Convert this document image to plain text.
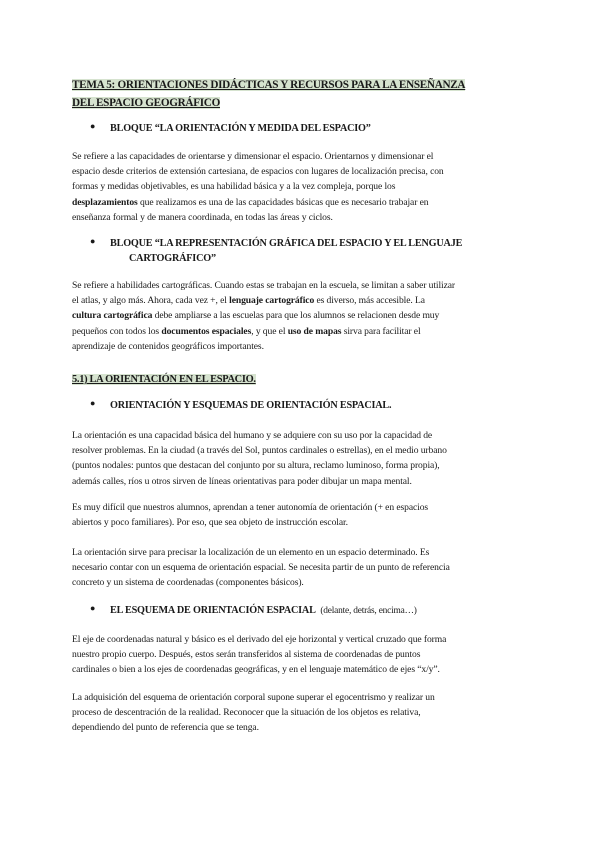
TEMA 5: ORIENTACIONES DIDÁCTICAS Y RECURSOS PARA LA ENSEÑANZA
DEL ESPACIO GEOGRÁFICO
● BLOQUE “LA ORIENTACIÓN Y MEDIDA DEL ESPACIO”
Se refiere a las capacidades de orientarse y dimensionar el espacio. Orientarnos y dimensionar el
espacio desde criterios de extensión cartesiana, de espacios con lugares de localización precisa, con
formas y medidas objetivables, es una habilidad básica y a la vez compleja, porque los
desplazamientos que realizamos es una de las capacidades básicas que es necesario trabajar en
enseñanza formal y de manera coordinada, en todas las áreas y ciclos.
● BLOQUE “LA REPRESENTACIÓN GRÁFICA DEL ESPACIO Y EL LENGUAJE
CARTOGRÁFICO”
Se refiere a habilidades cartográficas. Cuando estas se trabajan en la escuela, se limitan a saber utilizar
el atlas, y algo más. Ahora, cada vez +, el lenguaje cartográfico es diverso, más accesible. La
cultura cartográfica debe ampliarse a las escuelas para que los alumnos se relacionen desde muy
pequeños con todos los documentos espaciales, y que el uso de mapas sirva para facilitar el
aprendizaje de contenidos geográficos importantes.
5.1) LA ORIENTACIÓN EN EL ESPACIO.
● ORIENTACIÓN Y ESQUEMAS DE ORIENTACIÓN ESPACIAL.
La orientación es una capacidad básica del humano y se adquiere con su uso por la capacidad de
resolver problemas. En la ciudad (a través del Sol, puntos cardinales o estrellas), en el medio urbano
(puntos nodales: puntos que destacan del conjunto por su altura, reclamo luminoso, forma propia),
además calles, ríos u otros sirven de líneas orientativas para poder dibujar un mapa mental.
Es muy difícil que nuestros alumnos, aprendan a tener autonomía de orientación (+ en espacios
abiertos y poco familiares). Por eso, que sea objeto de instrucción escolar.
La orientación sirve para precisar la localización de un elemento en un espacio determinado. Es
necesario contar con un esquema de orientación espacial. Se necesita partir de un punto de referencia
concreto y un sistema de coordenadas (componentes básicos).
● EL ESQUEMA DE ORIENTACIÓN ESPACIAL (delante, detrás, encima…)
El eje de coordenadas natural y básico es el derivado del eje horizontal y vertical cruzado que forma
nuestro propio cuerpo. Después, estos serán transferidos al sistema de coordenadas de puntos
cardinales o bien a los ejes de coordenadas geográficas, y en el lenguaje matemático de ejes “x/y”.
La adquisición del esquema de orientación corporal supone superar el egocentrismo y realizar un
proceso de descentración de la realidad. Reconocer que la situación de los objetos es relativa,
dependiendo del punto de referencia que se tenga.
